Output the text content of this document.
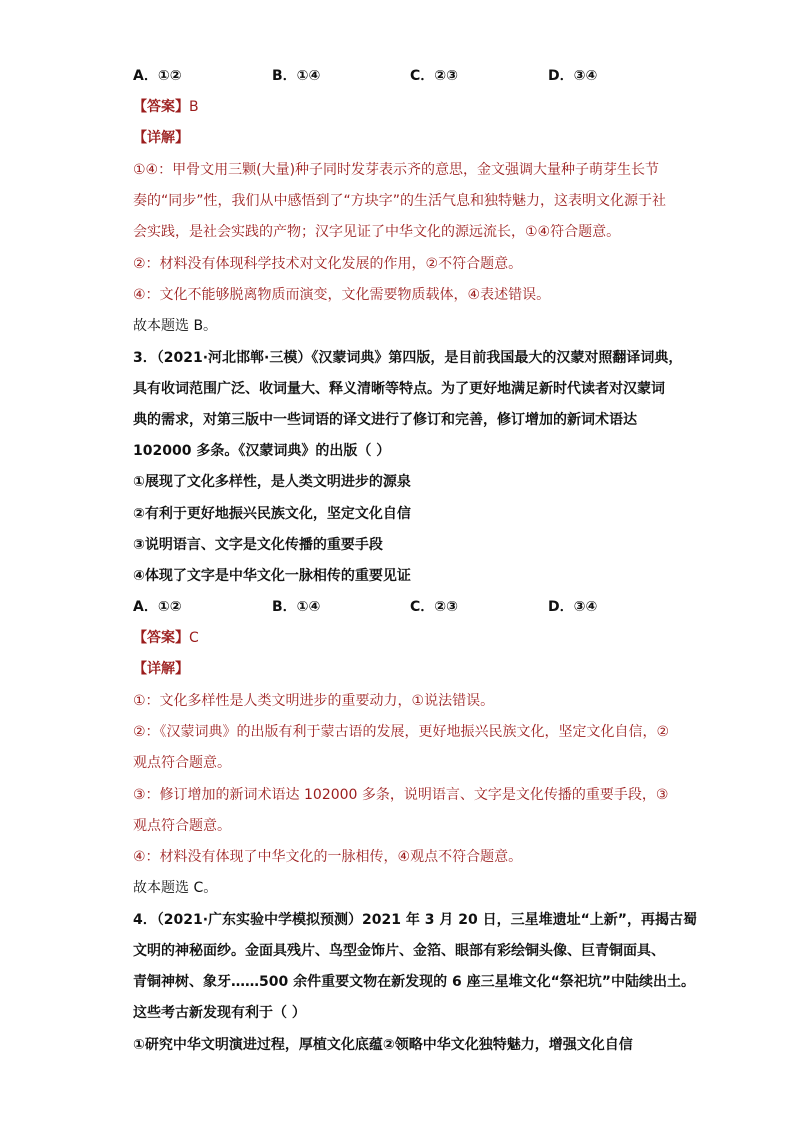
A．①②	B．①④	C．②③	D．③④
【答案】B
【详解】
①④：甲骨文用三颗(大量)种子同时发芽表示齐的意思，金文强调大量种子萌芽生长节
奏的“同步”性，我们从中感悟到了“方块字”的生活气息和独特魅力，这表明文化源于社
会实践，是社会实践的产物；汉字见证了中华文化的源远流长，①④符合题意。
②：材料没有体现科学技术对文化发展的作用，②不符合题意。
④：文化不能够脱离物质而演变，文化需要物质载体，④表述错误。
故本题选 B。
3．（2021·河北邯郸·三模）《汉蒙词典》第四版，是目前我国最大的汉蒙对照翻译词典，
具有收词范围广泛、收词量大、释义清晰等特点。为了更好地满足新时代读者对汉蒙词
典的需求，对第三版中一些词语的译文进行了修订和完善，修订增加的新词术语达
102000 多条。《汉蒙词典》的出版（ ）
①展现了文化多样性，是人类文明进步的源泉
②有利于更好地振兴民族文化，坚定文化自信
③说明语言、文字是文化传播的重要手段
④体现了文字是中华文化一脉相传的重要见证
A．①②	B．①④	C．②③	D．③④
【答案】C
【详解】
①：文化多样性是人类文明进步的重要动力，①说法错误。
②：《汉蒙词典》的出版有利于蒙古语的发展，更好地振兴民族文化，坚定文化自信，②
观点符合题意。
③：修订增加的新词术语达 102000 多条，说明语言、文字是文化传播的重要手段，③
观点符合题意。
④：材料没有体现了中华文化的一脉相传，④观点不符合题意。
故本题选 C。
4．（2021·广东实验中学模拟预测）2021 年 3 月 20 日，三星堆遗址“上新”，再揭古蜀
文明的神秘面纱。金面具残片、鸟型金饰片、金箔、眼部有彩绘铜头像、巨青铜面具、
青铜神树、象牙……500 余件重要文物在新发现的 6 座三星堆文化“祭祀坑”中陆续出土。
这些考古新发现有利于（ ）
①研究中华文明演进过程，厚植文化底蕴②领略中华文化独特魅力，增强文化自信
